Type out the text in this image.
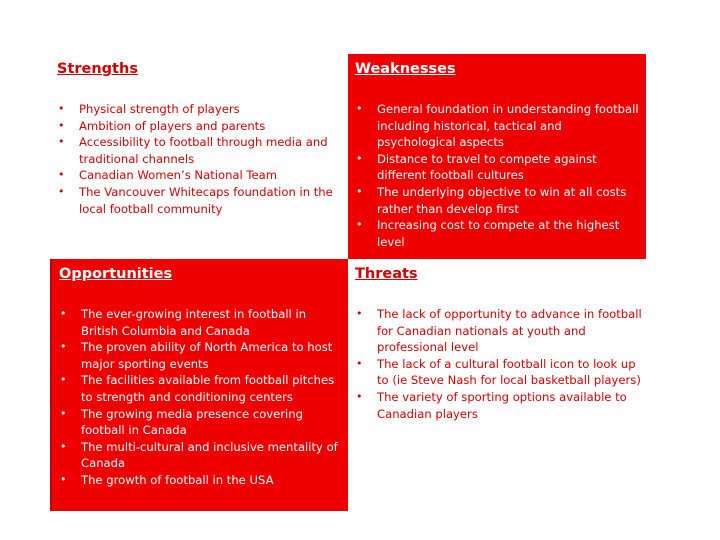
Strengths
• Physical strength of players
• Ambition of players and parents
• Accessibility to football through media and traditional channels
• Canadian Women’s National Team
• The Vancouver Whitecaps foundation in the local football community
Weaknesses
• General foundation in understanding football including historical, tactical and psychological aspects
• Distance to travel to compete against different football cultures
• The underlying objective to win at all costs rather than develop first
• Increasing cost to compete at the highest level
Opportunities
• The ever-growing interest in football in British Columbia and Canada
• The proven ability of North America to host major sporting events
• The facilities available from football pitches to strength and conditioning centers
• The growing media presence covering football in Canada
• The multi-cultural and inclusive mentality of Canada
• The growth of football in the USA
Threats
• The lack of opportunity to advance in football for Canadian nationals at youth and professional level
• The lack of a cultural football icon to look up to (ie Steve Nash for local basketball players)
• The variety of sporting options available to Canadian players
